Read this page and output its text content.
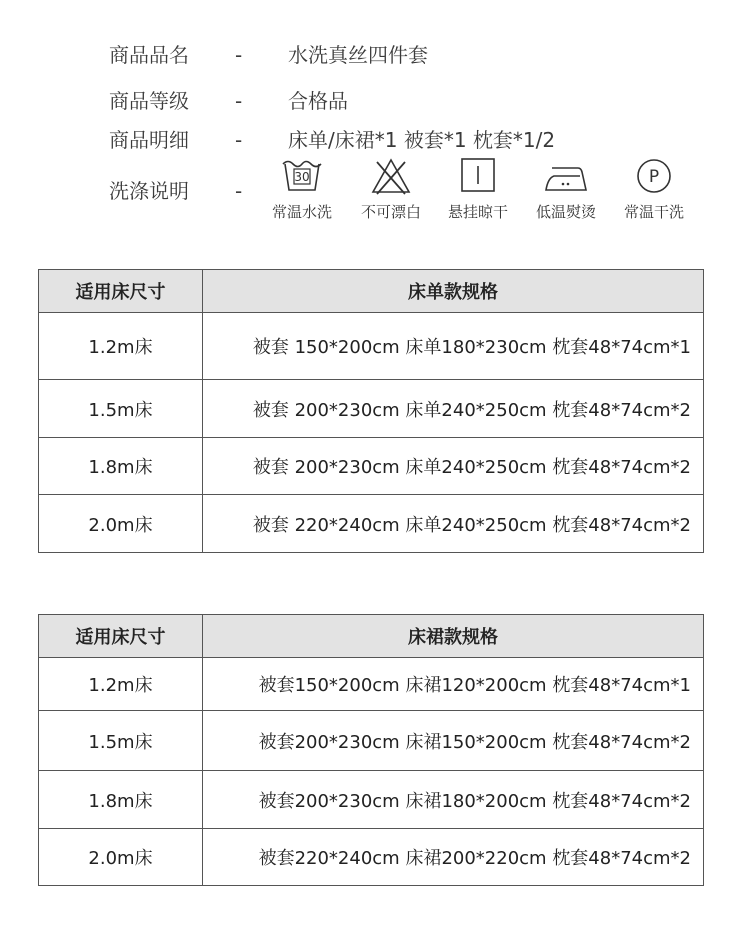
商品品名 - 水洗真丝四件套
商品等级 - 合格品
商品明细 - 床单/床裙*1 被套*1 枕套*1/2
洗涤说明 -
30
常温水洗	不可漂白	悬挂晾干	低温熨烫
P
常温干洗
适用床尺寸	床单款规格
1.2m床	被套 150*200cm 床单180*230cm 枕套48*74cm*1
1.5m床	被套 200*230cm 床单240*250cm 枕套48*74cm*2
1.8m床	被套 200*230cm 床单240*250cm 枕套48*74cm*2
2.0m床	被套 220*240cm 床单240*250cm 枕套48*74cm*2
适用床尺寸	床裙款规格
1.2m床	被套150*200cm 床裙120*200cm 枕套48*74cm*1
1.5m床	被套200*230cm 床裙150*200cm 枕套48*74cm*2
1.8m床	被套200*230cm 床裙180*200cm 枕套48*74cm*2
2.0m床	被套220*240cm 床裙200*220cm 枕套48*74cm*2
